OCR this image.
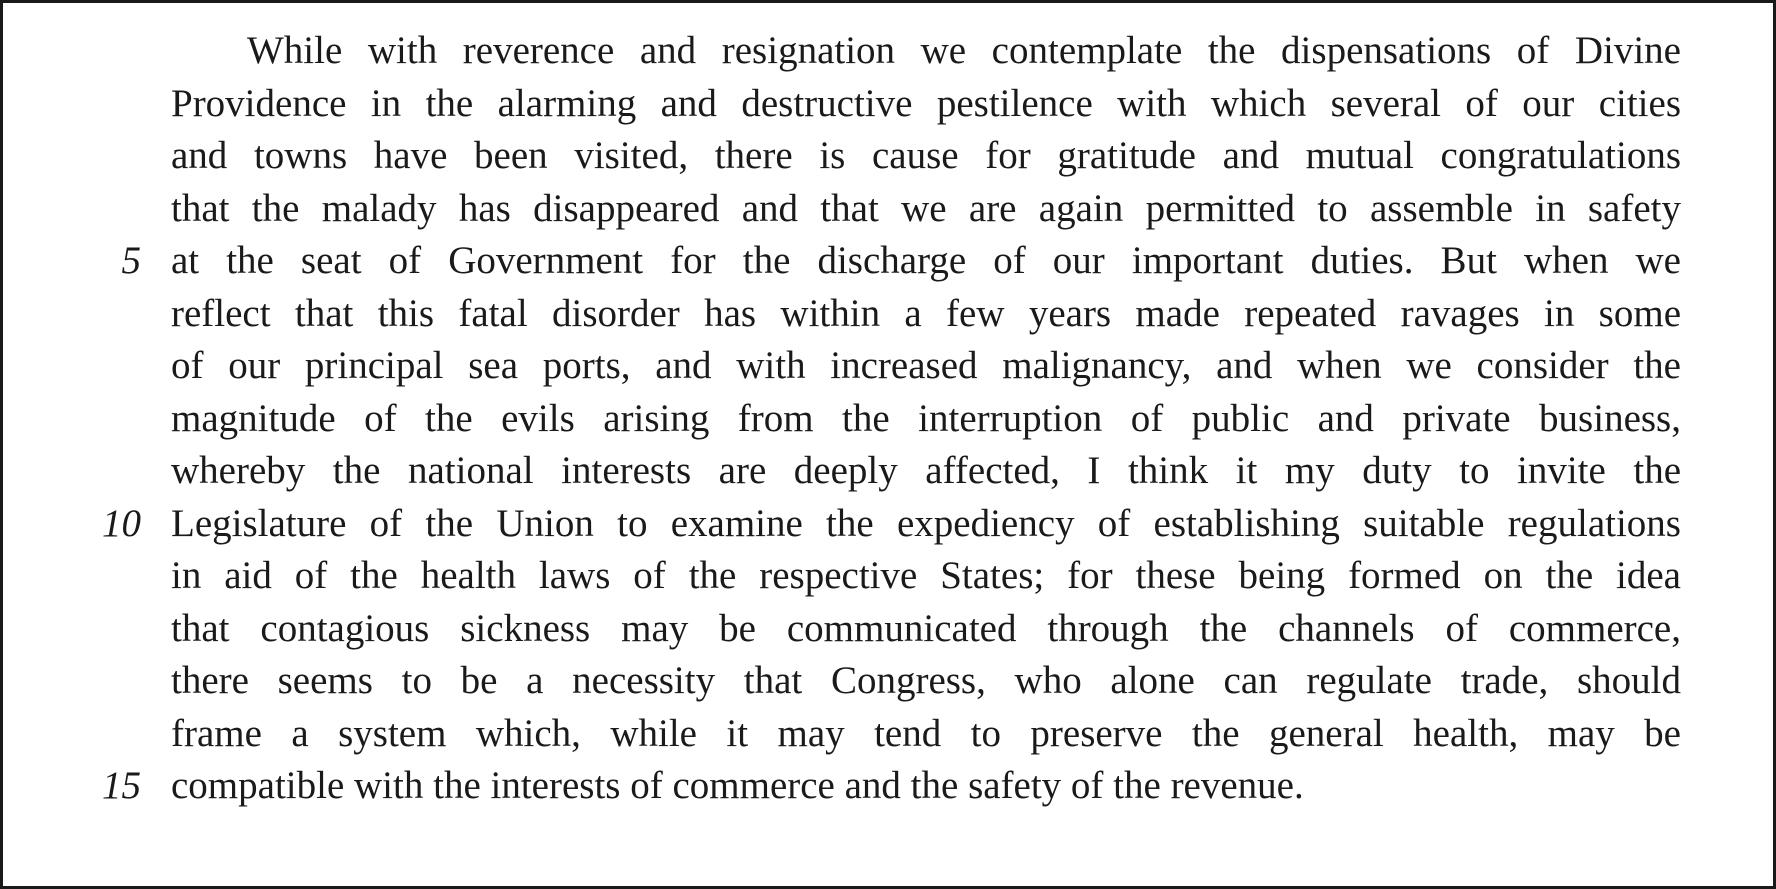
While with reverence and resignation we contemplate the dispensations of Divine
Providence in the alarming and destructive pestilence with which several of our cities
and towns have been visited, there is cause for gratitude and mutual congratulations
that the malady has disappeared and that we are again permitted to assemble in safety
5 at the seat of Government for the discharge of our important duties. But when we
reflect that this fatal disorder has within a few years made repeated ravages in some
of our principal sea ports, and with increased malignancy, and when we consider the
magnitude of the evils arising from the interruption of public and private business,
whereby the national interests are deeply affected, I think it my duty to invite the
10 Legislature of the Union to examine the expediency of establishing suitable regulations
in aid of the health laws of the respective States; for these being formed on the idea
that contagious sickness may be communicated through the channels of commerce,
there seems to be a necessity that Congress, who alone can regulate trade, should
frame a system which, while it may tend to preserve the general health, may be
15 compatible with the interests of commerce and the safety of the revenue.
